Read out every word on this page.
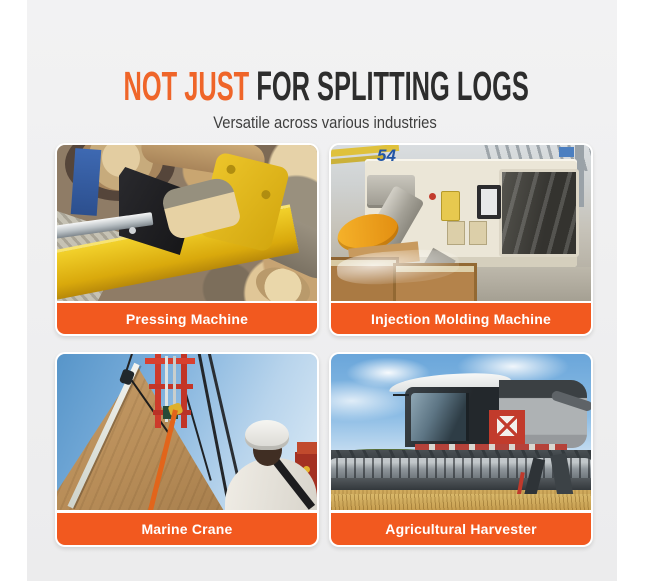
NOT JUST FOR SPLITTING LOGS
Versatile across various industries
Pressing Machine
54
Injection Molding Machine
Marine Crane	Agricultural Harvester
